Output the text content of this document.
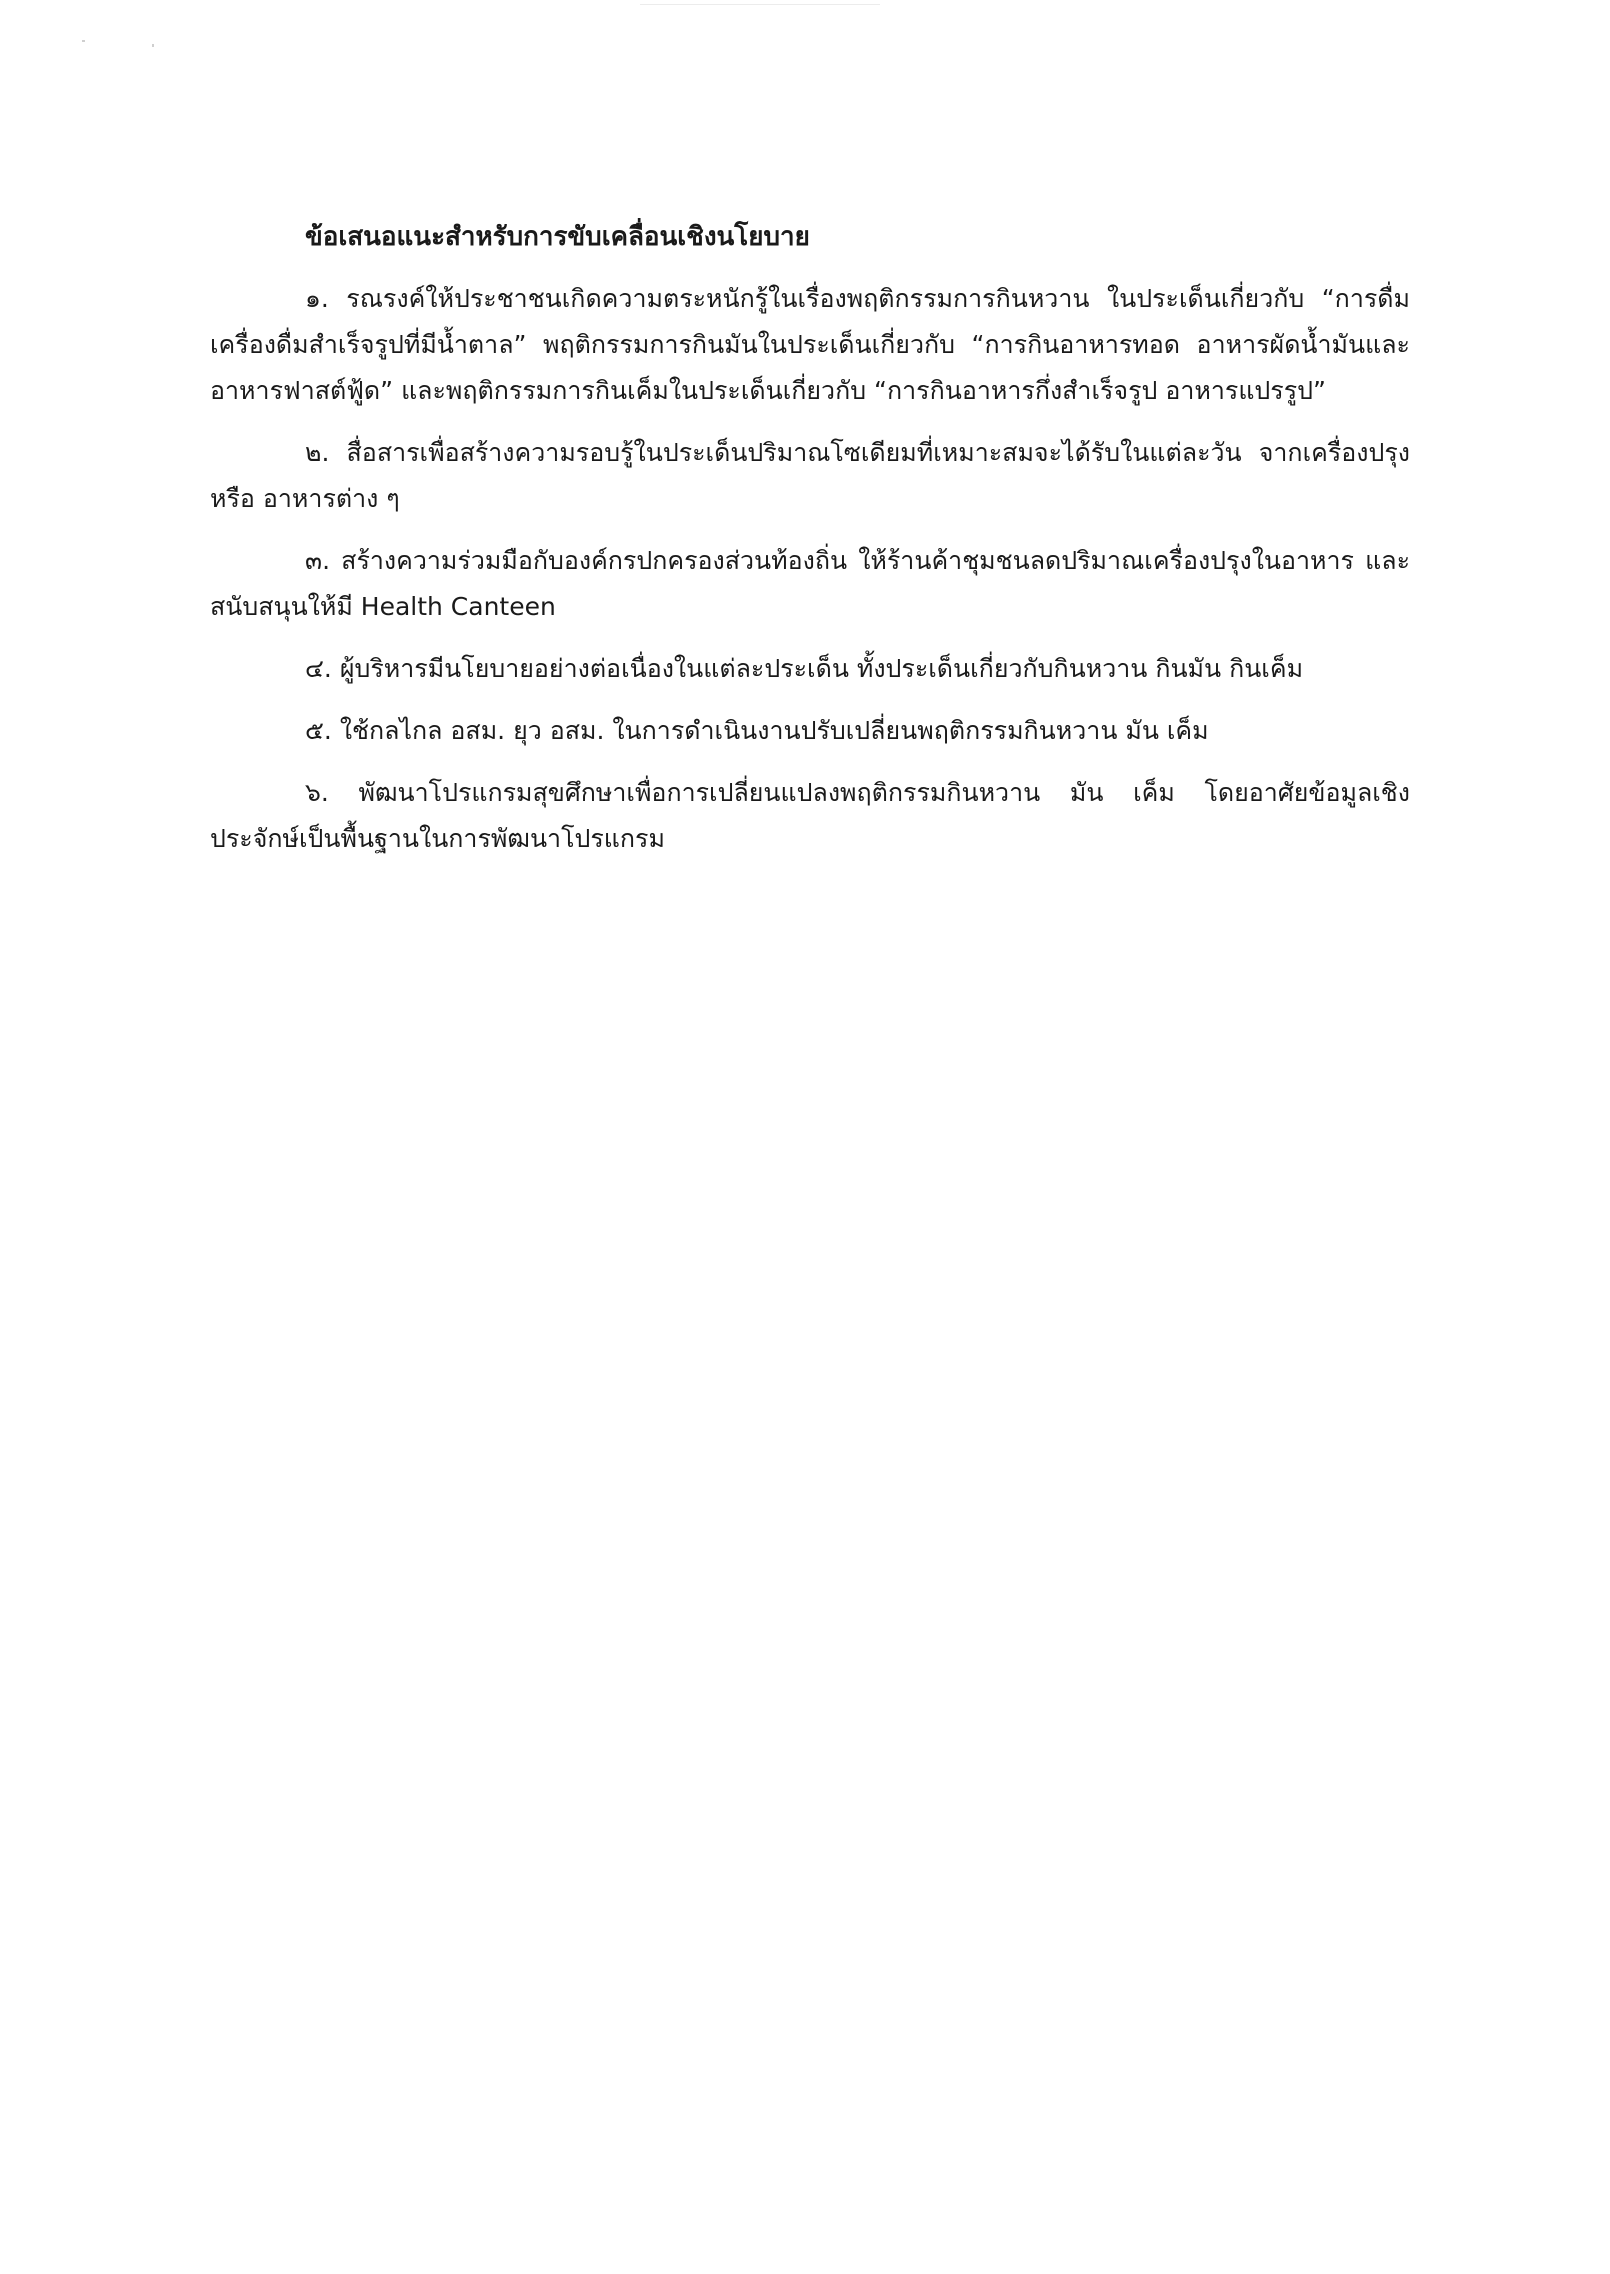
ข้อเสนอแนะสำหรับการขับเคลื่อนเชิงนโยบาย

๑. รณรงค์ให้ประชาชนเกิดความตระหนักรู้ในเรื่องพฤติกรรมการกินหวาน ในประเด็นเกี่ยวกับ “การดื่มเครื่องดื่มสำเร็จรูปที่มีน้ำตาล” พฤติกรรมการกินมันในประเด็นเกี่ยวกับ “การกินอาหารทอด อาหารผัดน้ำมันและอาหารฟาสต์ฟู้ด” และพฤติกรรมการกินเค็มในประเด็นเกี่ยวกับ “การกินอาหารกึ่งสำเร็จรูป อาหารแปรรูป”

๒. สื่อสารเพื่อสร้างความรอบรู้ในประเด็นปริมาณโซเดียมที่เหมาะสมจะได้รับในแต่ละวัน จากเครื่องปรุง หรือ อาหารต่าง ๆ

๓. สร้างความร่วมมือกับองค์กรปกครองส่วนท้องถิ่น ให้ร้านค้าชุมชนลดปริมาณเครื่องปรุงในอาหาร และสนับสนุนให้มี Health Canteen

๔. ผู้บริหารมีนโยบายอย่างต่อเนื่องในแต่ละประเด็น ทั้งประเด็นเกี่ยวกับกินหวาน กินมัน กินเค็ม

๕. ใช้กลไกล อสม. ยุว อสม. ในการดำเนินงานปรับเปลี่ยนพฤติกรรมกินหวาน มัน เค็ม

๖. พัฒนาโปรแกรมสุขศึกษาเพื่อการเปลี่ยนแปลงพฤติกรรมกินหวาน มัน เค็ม โดยอาศัยข้อมูลเชิงประจักษ์เป็นพื้นฐานในการพัฒนาโปรแกรม
